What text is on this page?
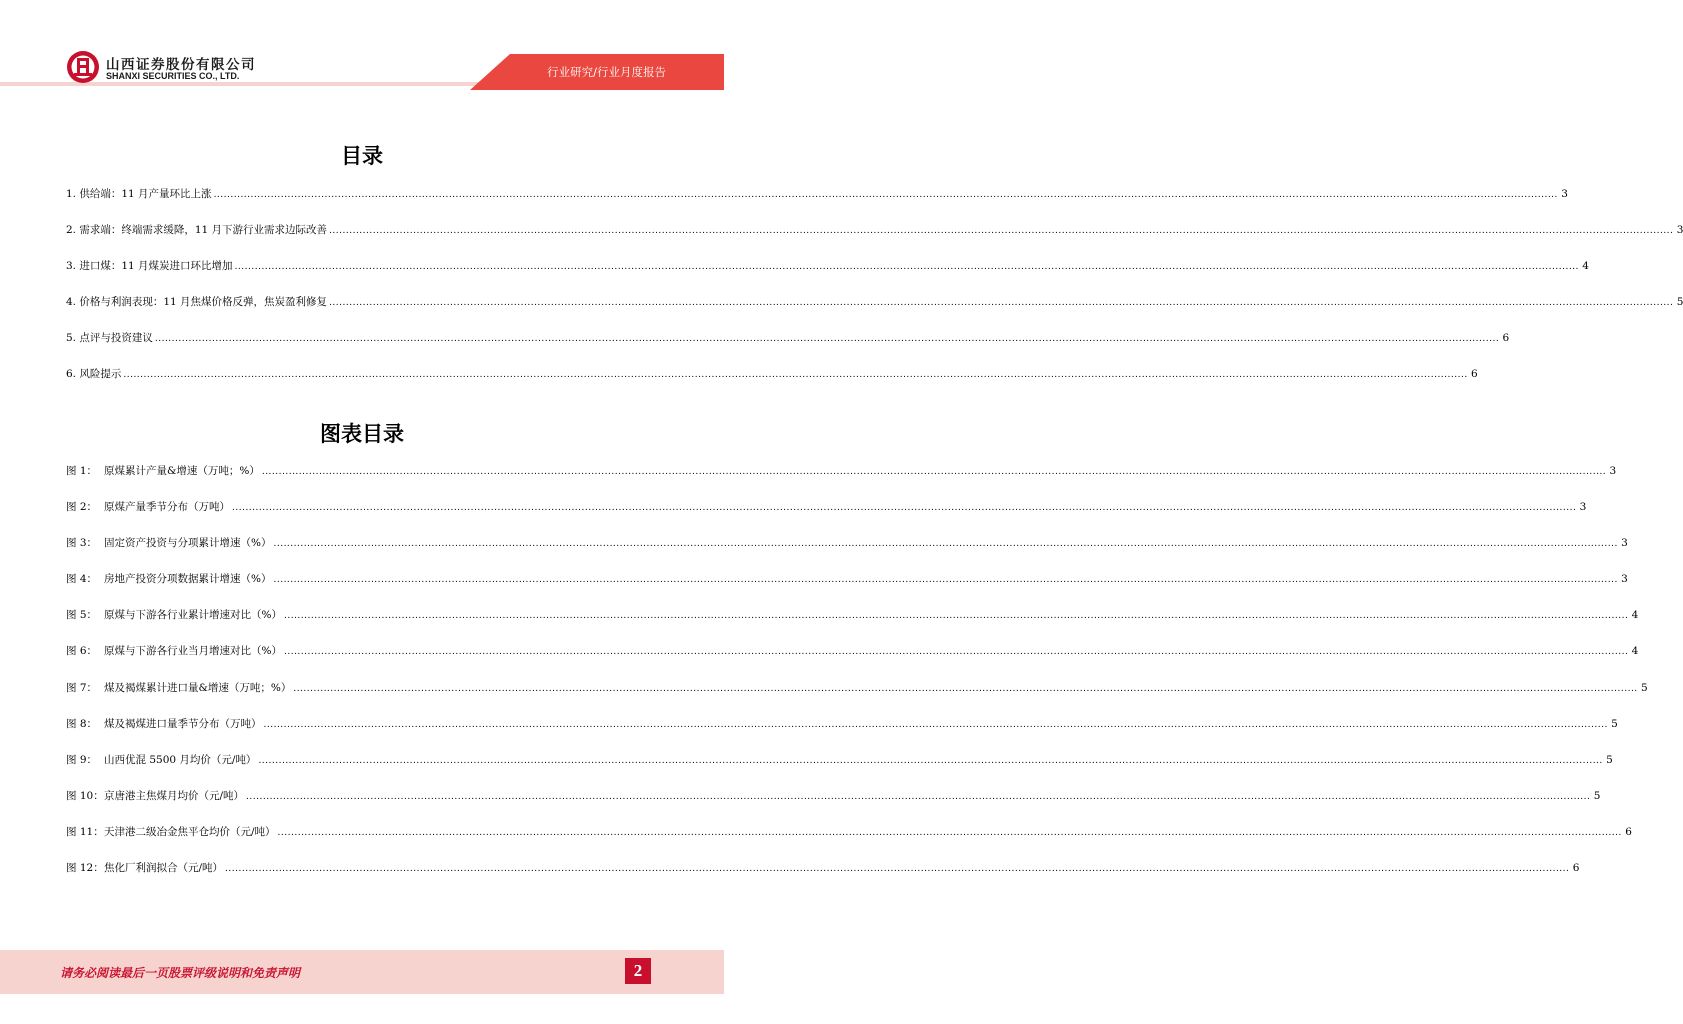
山西证券股份有限公司
SHANXI SECURITIES CO., LTD.	行业研究/行业月度报告
目录
1. 供给端：11 月产量环比上涨 ................................................................................................................................................................................................................................................................................................................................................................................................................ 3
2. 需求端：终端需求缓降，11 月下游行业需求边际改善 ................................................................................................................................................................................................................................................................................................................................................................................................................ 3
3. 进口煤：11 月煤炭进口环比增加 ................................................................................................................................................................................................................................................................................................................................................................................................................ 4
4. 价格与利润表现：11 月焦煤价格反弹，焦炭盈利修复 ................................................................................................................................................................................................................................................................................................................................................................................................................ 5
5. 点评与投资建议 ................................................................................................................................................................................................................................................................................................................................................................................................................ 6
6. 风险提示 ................................................................................................................................................................................................................................................................................................................................................................................................................ 6
图表目录
图 1： 原煤累计产量&增速（万吨；%） ................................................................................................................................................................................................................................................................................................................................................................................................................ 3
图 2： 原煤产量季节分布（万吨） ................................................................................................................................................................................................................................................................................................................................................................................................................ 3
图 3： 固定资产投资与分项累计增速（%） ................................................................................................................................................................................................................................................................................................................................................................................................................ 3
图 4： 房地产投资分项数据累计增速（%） ................................................................................................................................................................................................................................................................................................................................................................................................................ 3
图 5： 原煤与下游各行业累计增速对比（%） ................................................................................................................................................................................................................................................................................................................................................................................................................ 4
图 6： 原煤与下游各行业当月增速对比（%） ................................................................................................................................................................................................................................................................................................................................................................................................................ 4
图 7： 煤及褐煤累计进口量&增速（万吨；%） ................................................................................................................................................................................................................................................................................................................................................................................................................ 5
图 8： 煤及褐煤进口量季节分布（万吨） ................................................................................................................................................................................................................................................................................................................................................................................................................ 5
图 9： 山西优混 5500 月均价（元/吨） ................................................................................................................................................................................................................................................................................................................................................................................................................ 5
图 10：京唐港主焦煤月均价（元/吨） ................................................................................................................................................................................................................................................................................................................................................................................................................ 5
图 11：天津港二级冶金焦平仓均价（元/吨） ................................................................................................................................................................................................................................................................................................................................................................................................................ 6
图 12：焦化厂利润拟合（元/吨） ................................................................................................................................................................................................................................................................................................................................................................................................................ 6
请务必阅读最后一页股票评级说明和免责声明	2
